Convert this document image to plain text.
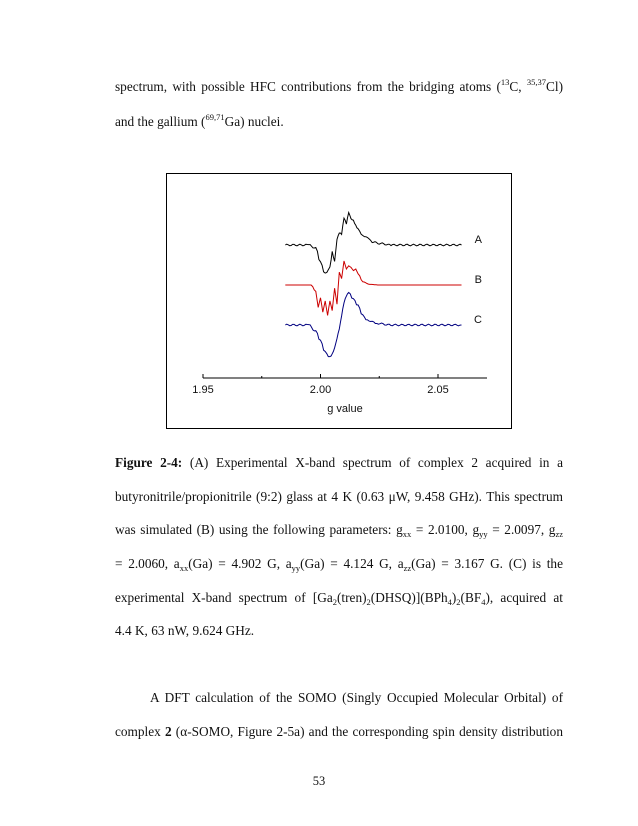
spectrum, with possible HFC contributions from the bridging atoms ($^{13}$C, $^{35,37}$Cl)
and the gallium ($^{69,71}$Ga) nuclei.
1.95	2.00	2.05
g value
A
B
C
Figure 2-4: (A) Experimental X-band spectrum of complex 2 acquired in a
butyronitrile/propionitrile (9:2) glass at 4 K (0.63 μW, 9.458 GHz). This spectrum
was simulated (B) using the following parameters: $g_{xx} = 2.0100$, $g_{yy} = 2.0097$, $g_{zz}$
= 2.0060, $a_{xx}(Ga) = 4.902$ G, $a_{yy}(Ga) = 4.124$ G, $a_{zz}(Ga) = 3.167$ G. (C) is the
experimental X-band spectrum of $[Ga_2(tren)_2(DHSQ)](BPh_4)_2(BF_4)$, acquired at
4.4 K, 63 nW, 9.624 GHz.
A DFT calculation of the SOMO (Singly Occupied Molecular Orbital) of
complex 2 (α-SOMO, Figure 2-5a) and the corresponding spin density distribution
53
